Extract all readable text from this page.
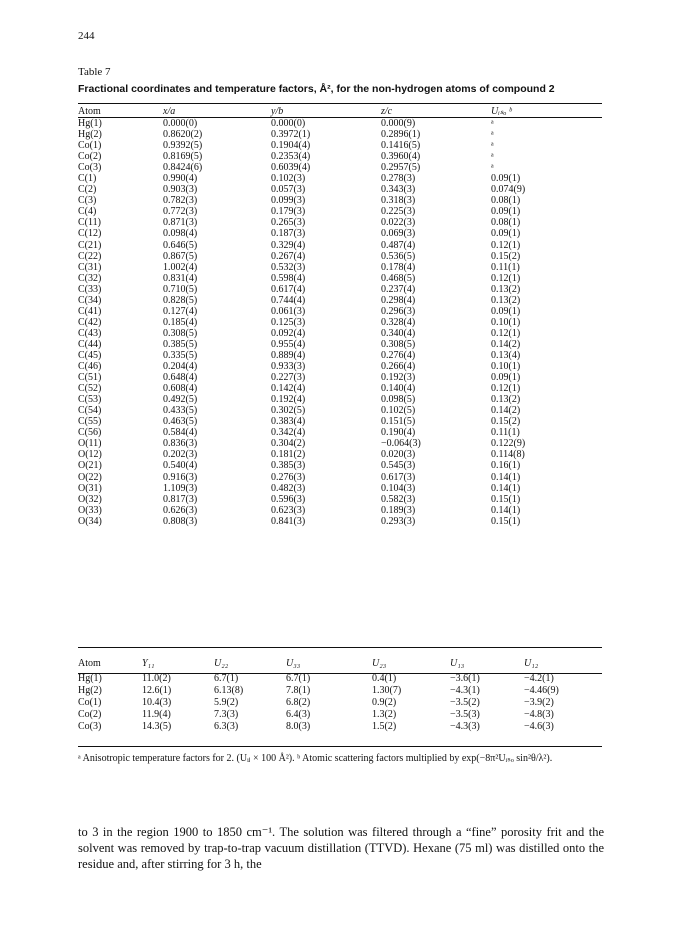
244
Table 7
Fractional coordinates and temperature factors, Å², for the non-hydrogen atoms of compound 2
Atom	x/a	y/b	z/c	Uᵢₛₒ ᵇ
Hg(1)	0.000(0)	0.000(0)	0.000(9)	ᵃ
Hg(2)	0.8620(2)	0.3972(1)	0.2896(1)	ᵃ
Co(1)	0.9392(5)	0.1904(4)	0.1416(5)	ᵃ
Co(2)	0.8169(5)	0.2353(4)	0.3960(4)	ᵃ
Co(3)	0.8424(6)	0.6039(4)	0.2957(5)	ᵃ
C(1)	0.990(4)	0.102(3)	0.278(3)	0.09(1)
C(2)	0.903(3)	0.057(3)	0.343(3)	0.074(9)
C(3)	0.782(3)	0.099(3)	0.318(3)	0.08(1)
C(4)	0.772(3)	0.179(3)	0.225(3)	0.09(1)
C(11)	0.871(3)	0.265(3)	0.022(3)	0.08(1)
C(12)	0.098(4)	0.187(3)	0.069(3)	0.09(1)
C(21)	0.646(5)	0.329(4)	0.487(4)	0.12(1)
C(22)	0.867(5)	0.267(4)	0.536(5)	0.15(2)
C(31)	1.002(4)	0.532(3)	0.178(4)	0.11(1)
C(32)	0.831(4)	0.598(4)	0.468(5)	0.12(1)
C(33)	0.710(5)	0.617(4)	0.237(4)	0.13(2)
C(34)	0.828(5)	0.744(4)	0.298(4)	0.13(2)
C(41)	0.127(4)	0.061(3)	0.296(3)	0.09(1)
C(42)	0.185(4)	0.125(3)	0.328(4)	0.10(1)
C(43)	0.308(5)	0.092(4)	0.340(4)	0.12(1)
C(44)	0.385(5)	0.955(4)	0.308(5)	0.14(2)
C(45)	0.335(5)	0.889(4)	0.276(4)	0.13(4)
C(46)	0.204(4)	0.933(3)	0.266(4)	0.10(1)
C(51)	0.648(4)	0.227(3)	0.192(3)	0.09(1)
C(52)	0.608(4)	0.142(4)	0.140(4)	0.12(1)
C(53)	0.492(5)	0.192(4)	0.098(5)	0.13(2)
C(54)	0.433(5)	0.302(5)	0.102(5)	0.14(2)
C(55)	0.463(5)	0.383(4)	0.151(5)	0.15(2)
C(56)	0.584(4)	0.342(4)	0.190(4)	0.11(1)
O(11)	0.836(3)	0.304(2)	−0.064(3)	0.122(9)
O(12)	0.202(3)	0.181(2)	0.020(3)	0.114(8)
O(21)	0.540(4)	0.385(3)	0.545(3)	0.16(1)
O(22)	0.916(3)	0.276(3)	0.617(3)	0.14(1)
O(31)	1.109(3)	0.482(3)	0.104(3)	0.14(1)
O(32)	0.817(3)	0.596(3)	0.582(3)	0.15(1)
O(33)	0.626(3)	0.623(3)	0.189(3)	0.14(1)
O(34)	0.808(3)	0.841(3)	0.293(3)	0.15(1)
Atom	Y₁₁	U₂₂	U₃₃	U₂₃	U₁₃	U₁₂
Hg(1)	11.0(2)	6.7(1)	6.7(1)	0.4(1)	−3.6(1)	−4.2(1)
Hg(2)	12.6(1)	6.13(8)	7.8(1)	1.30(7)	−4.3(1)	−4.46(9)
Co(1)	10.4(3)	5.9(2)	6.8(2)	0.9(2)	−3.5(2)	−3.9(2)
Co(2)	11.9(4)	7.3(3)	6.4(3)	1.3(2)	−3.5(3)	−4.8(3)
Co(3)	14.3(5)	6.3(3)	8.0(3)	1.5(2)	−4.3(3)	−4.6(3)
ᵃ Anisotropic temperature factors for 2. (Uᵢⱼ × 100 Å²). ᵇ Atomic scattering factors multiplied by exp(−8π²Uᵢₛₒ sin²θ/λ²).
to 3 in the region 1900 to 1850 cm⁻¹. The solution was filtered through a “fine” porosity frit and the solvent was removed by trap-to-trap vacuum distillation (TTVD). Hexane (75 ml) was distilled onto the residue and, after stirring for 3 h, the
